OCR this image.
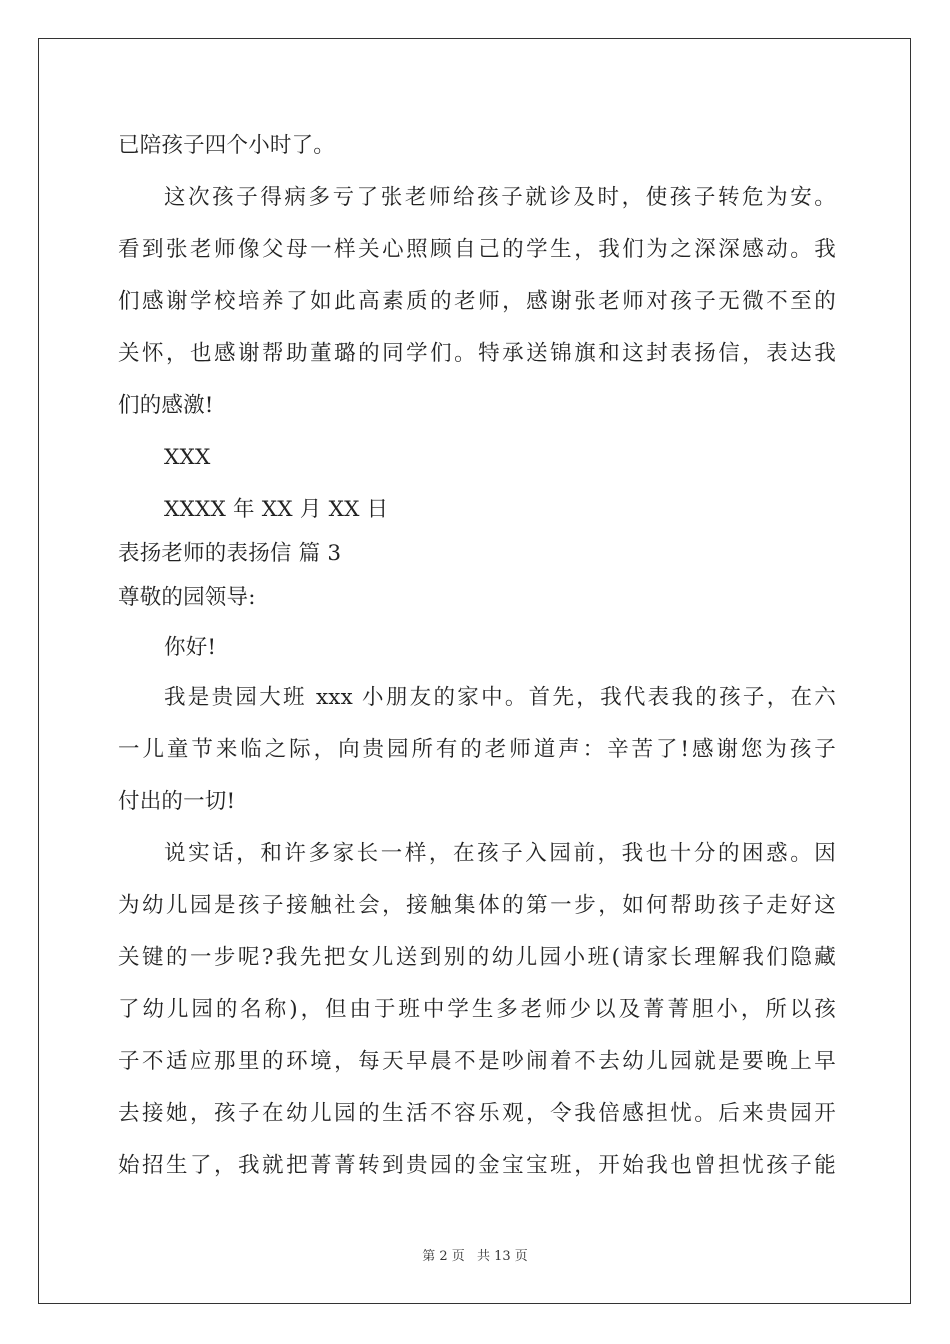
已陪孩子四个小时了。
这次孩子得病多亏了张老师给孩子就诊及时，使孩子转危为安。
看到张老师像父母一样关心照顾自己的学生，我们为之深深感动。我
们感谢学校培养了如此高素质的老师，感谢张老师对孩子无微不至的
关怀，也感谢帮助董璐的同学们。特承送锦旗和这封表扬信，表达我
们的感激!
XXX
XXXX 年 XX 月 XX 日
表扬老师的表扬信 篇 3
尊敬的园领导:
你好!
我是贵园大班 xxx 小朋友的家中。首先，我代表我的孩子，在六
一儿童节来临之际，向贵园所有的老师道声：辛苦了!感谢您为孩子
付出的一切!
说实话，和许多家长一样，在孩子入园前，我也十分的困惑。因
为幼儿园是孩子接触社会，接触集体的第一步，如何帮助孩子走好这
关键的一步呢?我先把女儿送到别的幼儿园小班(请家长理解我们隐藏
了幼儿园的名称)，但由于班中学生多老师少以及菁菁胆小，所以孩
子不适应那里的环境，每天早晨不是吵闹着不去幼儿园就是要晚上早
去接她，孩子在幼儿园的生活不容乐观，令我倍感担忧。后来贵园开
始招生了，我就把菁菁转到贵园的金宝宝班，开始我也曾担忧孩子能
第 2 页 共 13 页
